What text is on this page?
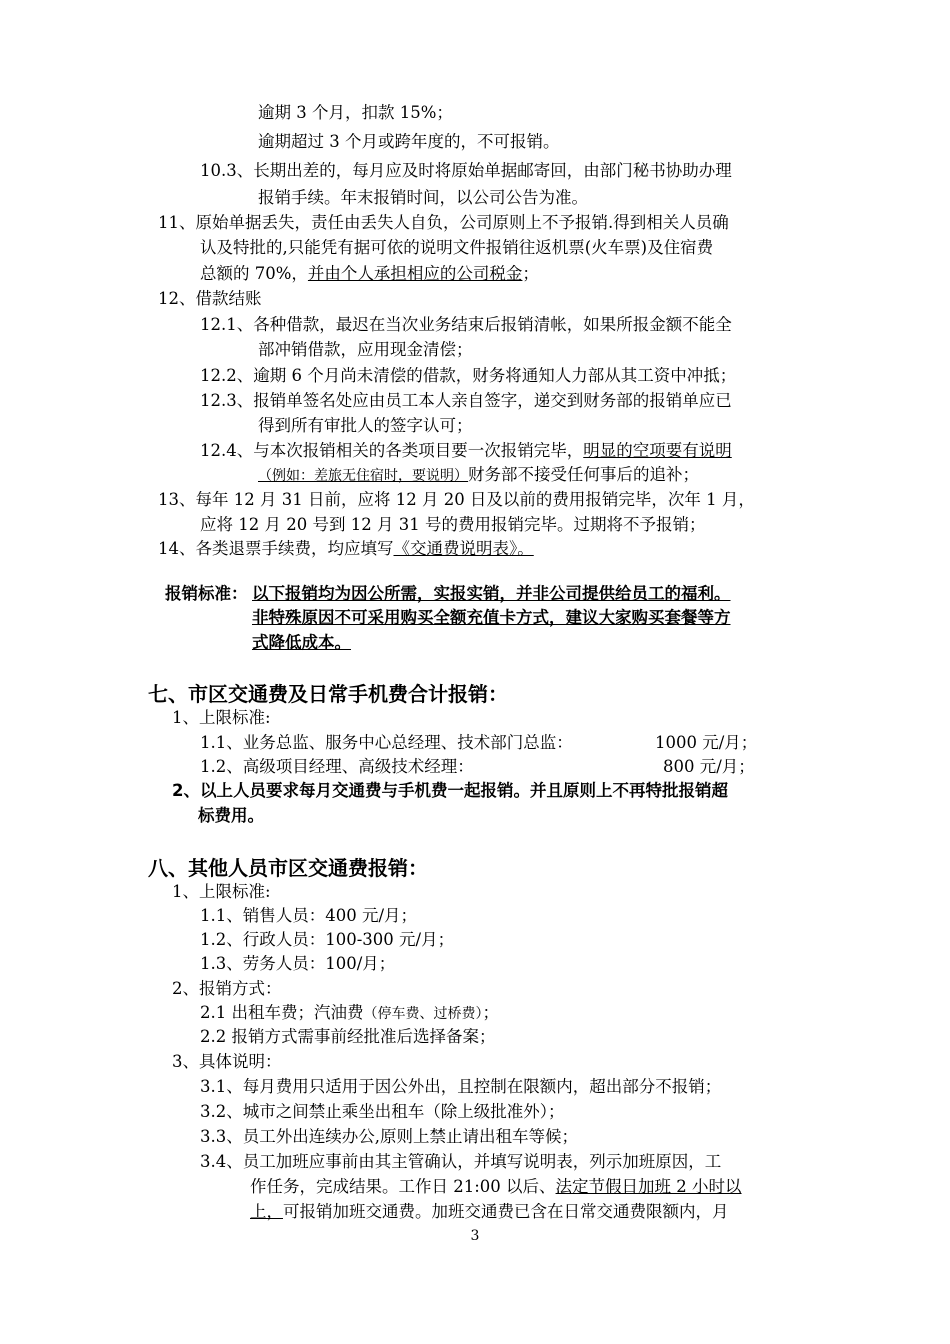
逾期 3 个月，扣款 15%；
逾期超过 3 个月或跨年度的，不可报销。
10.3、长期出差的，每月应及时将原始单据邮寄回，由部门秘书协助办理
报销手续。年末报销时间，以公司公告为准。
11、原始单据丢失，责任由丢失人自负，公司原则上不予报销.得到相关人员确
认及特批的,只能凭有据可依的说明文件报销往返机票(火车票)及住宿费
总额的 70%，并由个人承担相应的公司税金；
12、借款结账
12.1、各种借款，最迟在当次业务结束后报销清帐，如果所报金额不能全
部冲销借款，应用现金清偿；
12.2、逾期 6 个月尚未清偿的借款，财务将通知人力部从其工资中冲抵；
12.3、报销单签名处应由员工本人亲自签字，递交到财务部的报销单应已
得到所有审批人的签字认可；
12.4、与本次报销相关的各类项目要一次报销完毕，明显的空项要有说明
（例如：差旅无住宿时，要说明）财务部不接受任何事后的追补；
13、每年 12 月 31 日前，应将 12 月 20 日及以前的费用报销完毕，次年 1 月，
应将 12 月 20 号到 12 月 31 号的费用报销完毕。过期将不予报销；
14、各类退票手续费，均应填写《交通费说明表》。
报销标准： 以下报销均为因公所需，实报实销，并非公司提供给员工的福利。
非特殊原因不可采用购买全额充值卡方式，建议大家购买套餐等方
式降低成本。
七、市区交通费及日常手机费合计报销：
1、上限标准:
1.1、业务总监、服务中心总经理、技术部门总监：	1000 元/月；
1.2、高级项目经理、高级技术经理：	800 元/月；
2、以上人员要求每月交通费与手机费一起报销。并且原则上不再特批报销超
标费用。
八、其他人员市区交通费报销：
1、上限标准:
1.1、销售人员：400 元/月；
1.2、行政人员：100-300 元/月；
1.3、劳务人员：100/月；
2、报销方式：
2.1 出租车费；汽油费（停车费、过桥费）；
2.2 报销方式需事前经批准后选择备案；
3、具体说明：
3.1、每月费用只适用于因公外出，且控制在限额内，超出部分不报销；
3.2、城市之间禁止乘坐出租车（除上级批准外）；
3.3、员工外出连续办公,原则上禁止请出租车等候；
3.4、员工加班应事前由其主管确认，并填写说明表，列示加班原因，工
作任务，完成结果。工作日 21:00 以后、法定节假日加班 2 小时以
上，可报销加班交通费。加班交通费已含在日常交通费限额内，月
3
